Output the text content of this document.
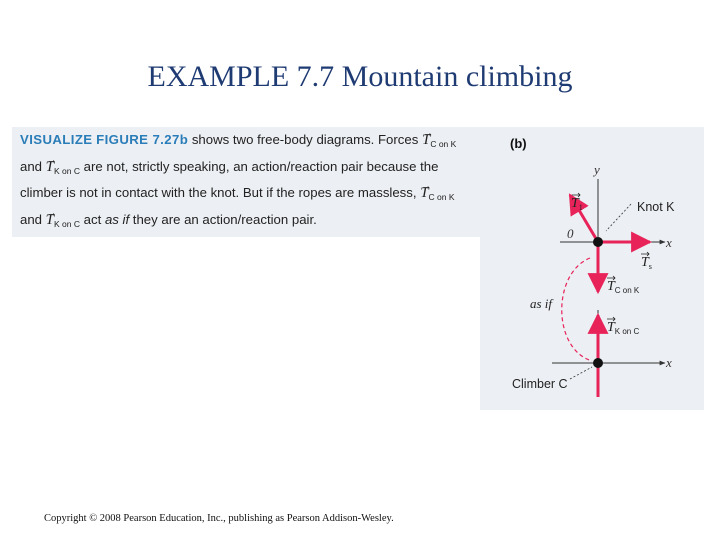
EXAMPLE 7.7 Mountain climbing
VISUALIZE FIGURE 7.27b shows two free-body diagrams. Forces → $T_{C on K}$ and → $T_{K on C}$ are not, strictly speaking, an action/reaction pair because the climber is not in contact with the knot. But if the ropes are massless, → $T_{C on K}$ and → $T_{K on C}$ act as if they are an action/reaction pair.
(b)
y
x
0
Knot K
$T_1$
$T_s$
$T_{C on K}$
as if
x
$T_{K on C}$
Climber C
Copyright © 2008 Pearson Education, Inc., publishing as Pearson Addison-Wesley.
